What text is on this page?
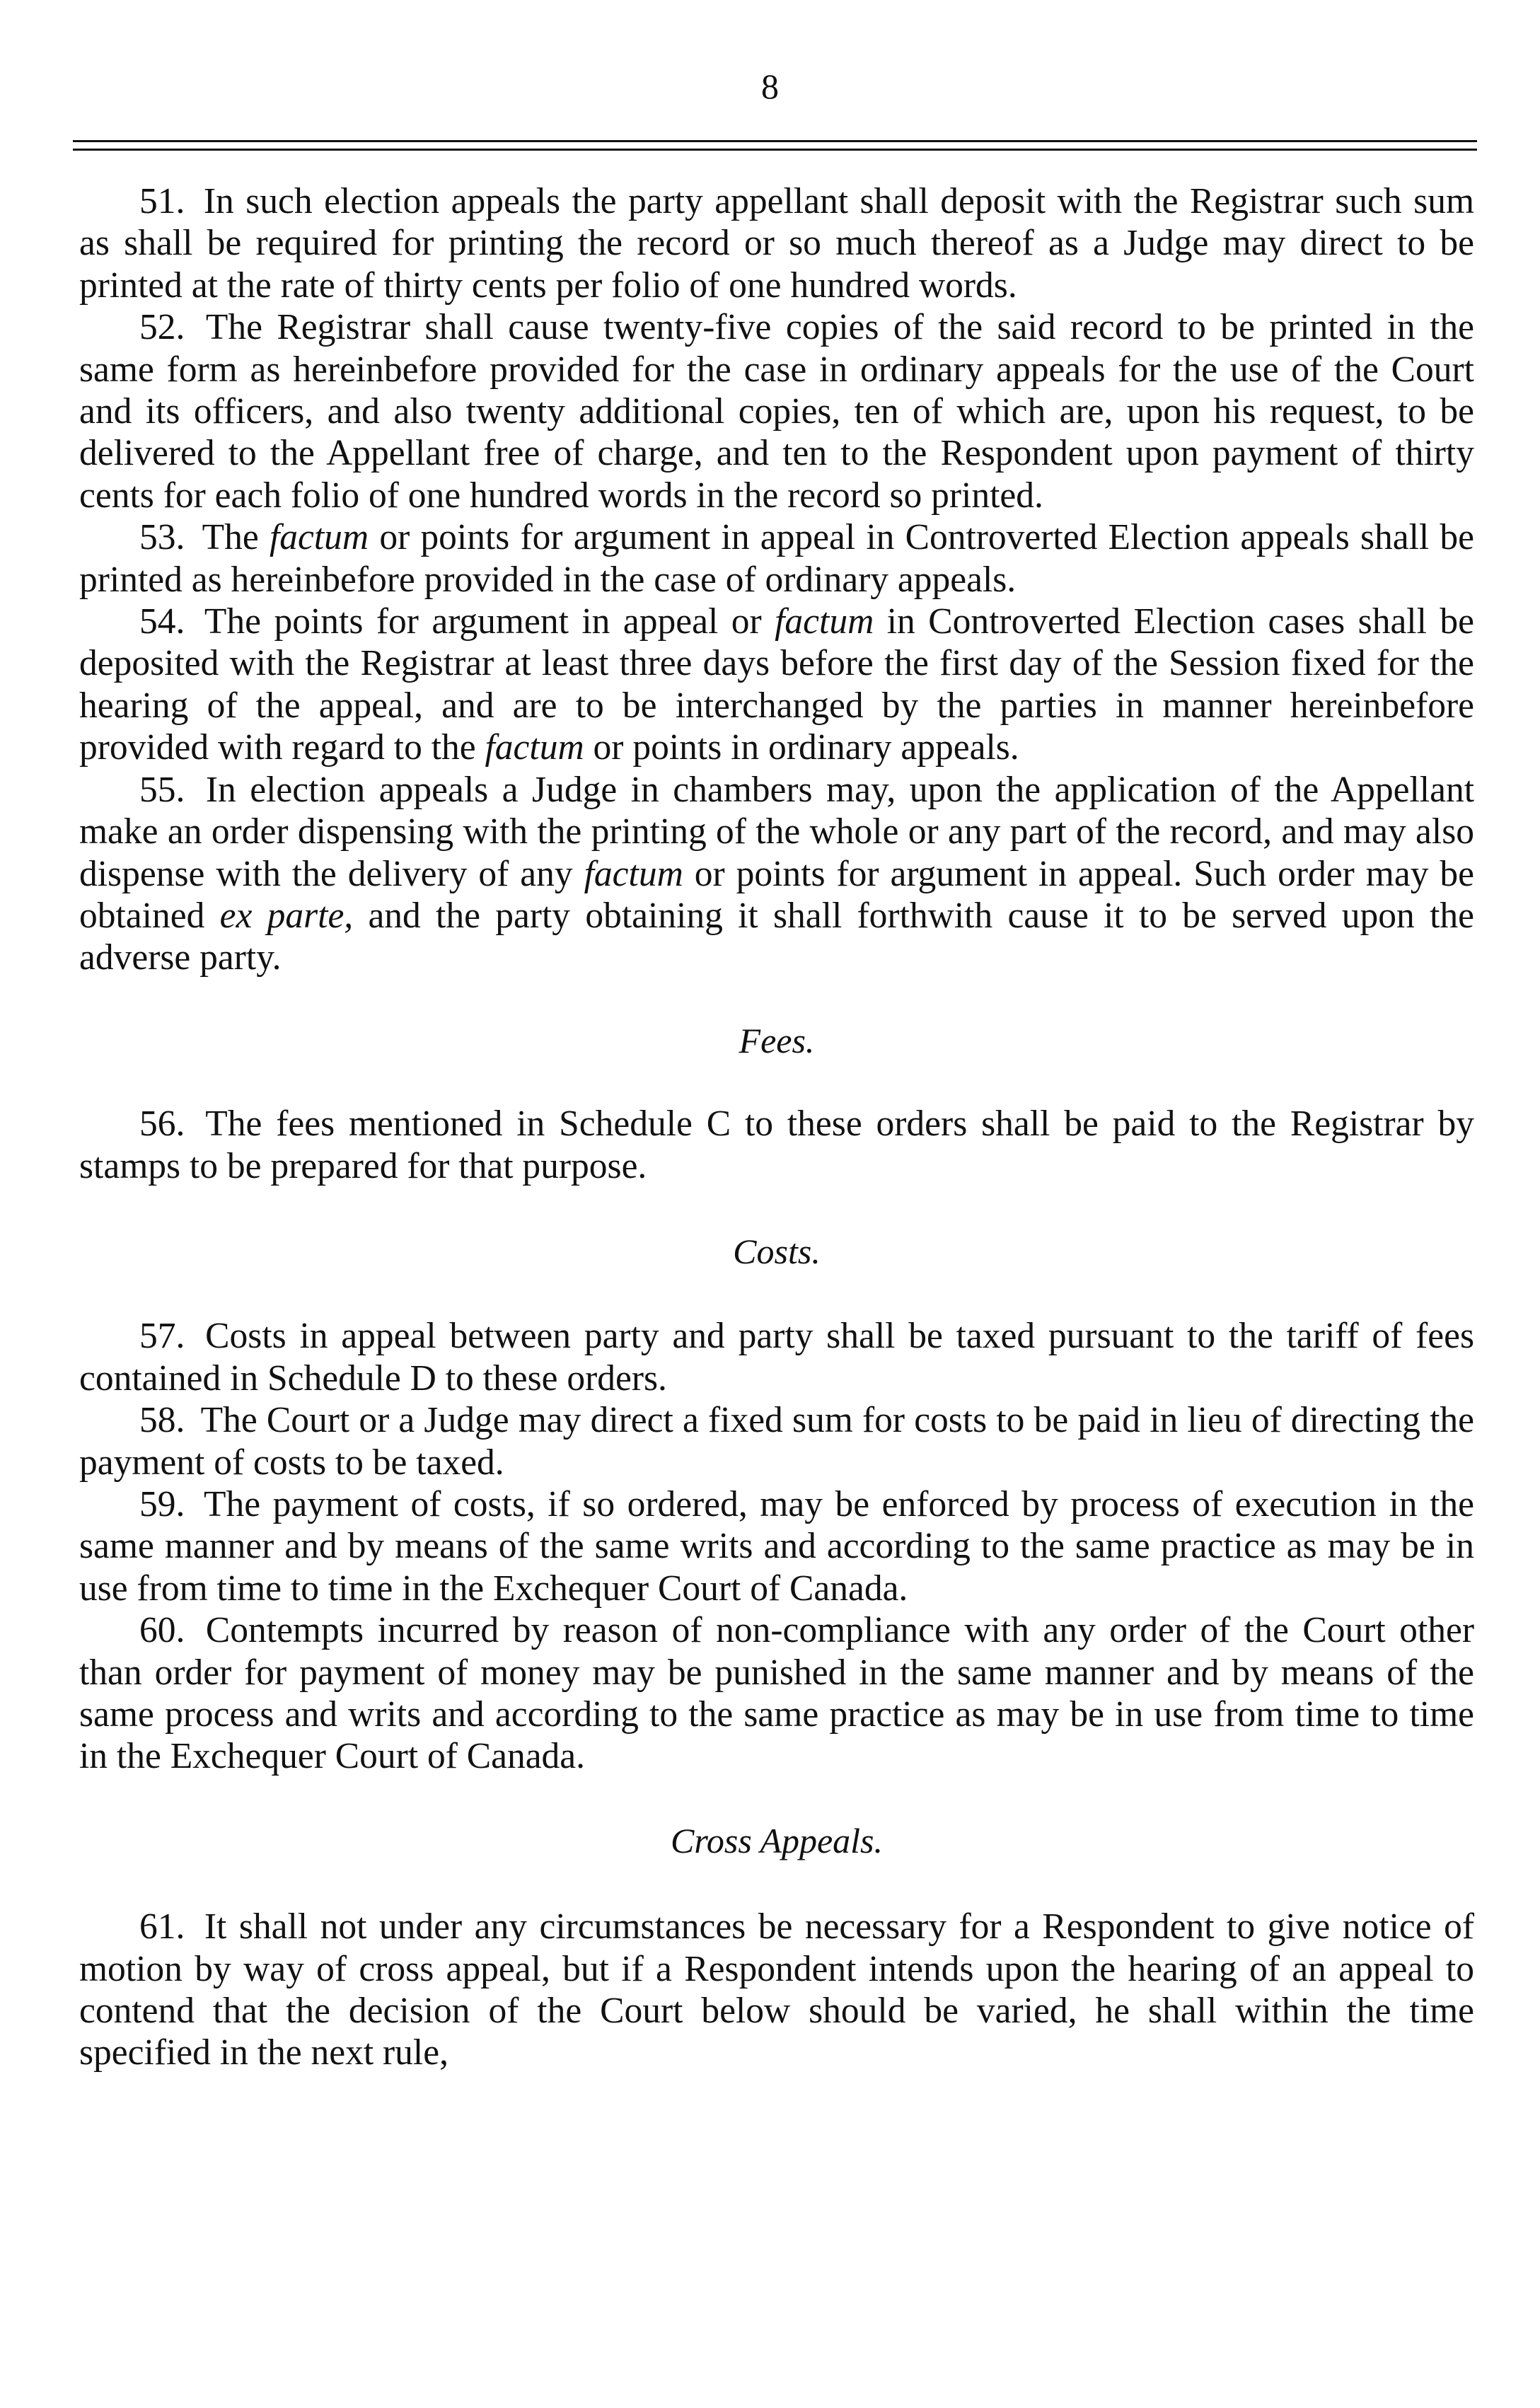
8

51. In such election appeals the party appellant shall deposit with the Registrar such sum as shall be required for printing the record or so much thereof as a Judge may direct to be printed at the rate of thirty cents per folio of one hundred words.

52. The Registrar shall cause twenty-five copies of the said record to be printed in the same form as hereinbefore provided for the case in ordinary appeals for the use of the Court and its officers, and also twenty additional copies, ten of which are, upon his request, to be delivered to the Appellant free of charge, and ten to the Respondent upon payment of thirty cents for each folio of one hundred words in the record so printed.

53. The factum or points for argument in appeal in Controverted Election appeals shall be printed as hereinbefore provided in the case of ordinary appeals.

54. The points for argument in appeal or factum in Controverted Election cases shall be deposited with the Registrar at least three days before the first day of the Session fixed for the hearing of the appeal, and are to be interchanged by the parties in manner hereinbefore provided with regard to the factum or points in ordinary appeals.

55. In election appeals a Judge in chambers may, upon the application of the Appellant make an order dispensing with the printing of the whole or any part of the record, and may also dispense with the delivery of any factum or points for argument in appeal. Such order may be obtained ex parte, and the party obtaining it shall forthwith cause it to be served upon the adverse party.

Fees.

56. The fees mentioned in Schedule C to these orders shall be paid to the Registrar by stamps to be prepared for that purpose.

Costs.

57. Costs in appeal between party and party shall be taxed pursuant to the tariff of fees contained in Schedule D to these orders.

58. The Court or a Judge may direct a fixed sum for costs to be paid in lieu of directing the payment of costs to be taxed.

59. The payment of costs, if so ordered, may be enforced by process of execution in the same manner and by means of the same writs and according to the same practice as may be in use from time to time in the Exchequer Court of Canada.

60. Contempts incurred by reason of non-compliance with any order of the Court other than order for payment of money may be punished in the same manner and by means of the same process and writs and according to the same practice as may be in use from time to time in the Exchequer Court of Canada.

Cross Appeals.

61. It shall not under any circumstances be necessary for a Respondent to give notice of motion by way of cross appeal, but if a Respondent intends upon the hearing of an appeal to contend that the decision of the Court below should be varied, he shall within the time specified in the next rule,
